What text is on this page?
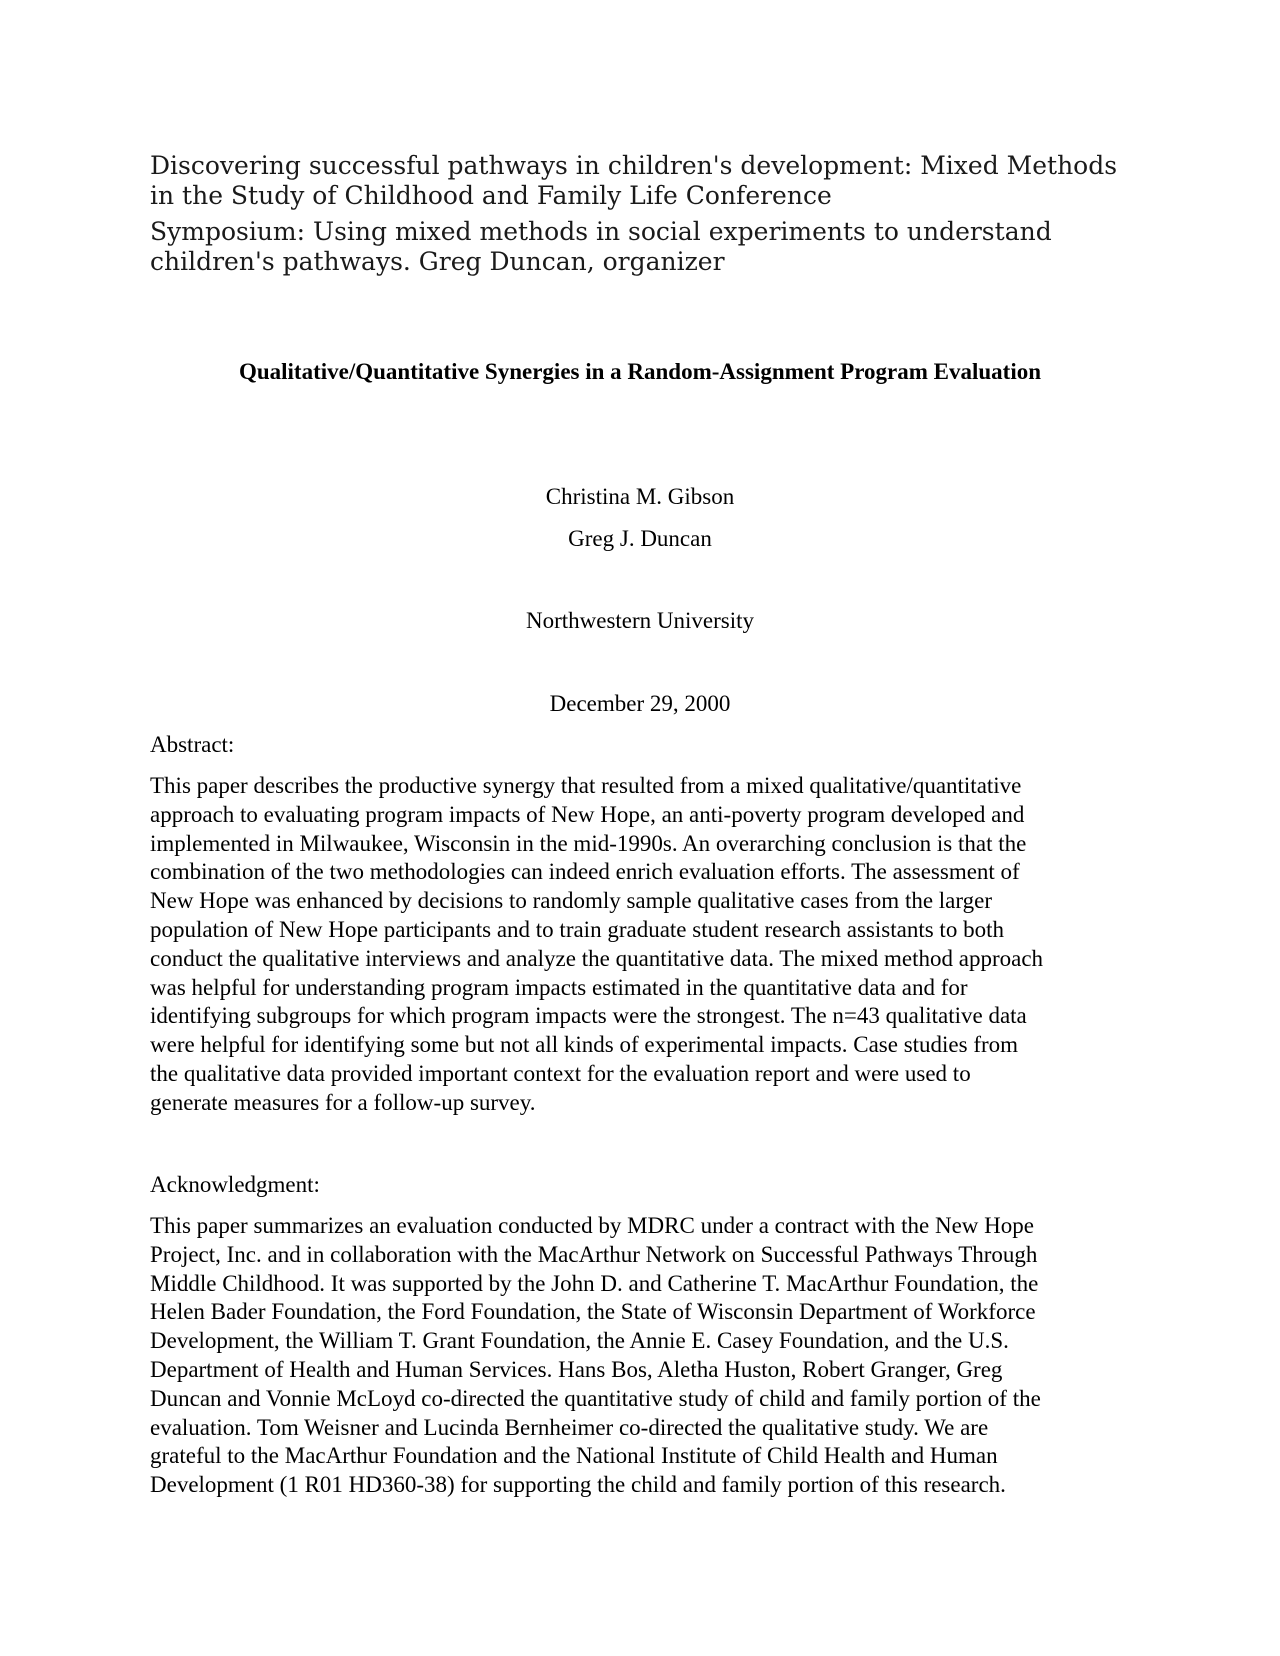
Discovering successful pathways in children's development: Mixed Methods
in the Study of Childhood and Family Life Conference

Symposium: Using mixed methods in social experiments to understand
children's pathways. Greg Duncan, organizer

Qualitative/Quantitative Synergies in a Random-Assignment Program Evaluation

Christina M. Gibson

Greg J. Duncan

Northwestern University

December 29, 2000

Abstract:

This paper describes the productive synergy that resulted from a mixed qualitative/quantitative
approach to evaluating program impacts of New Hope, an anti-poverty program developed and
implemented in Milwaukee, Wisconsin in the mid-1990s. An overarching conclusion is that the
combination of the two methodologies can indeed enrich evaluation efforts. The assessment of
New Hope was enhanced by decisions to randomly sample qualitative cases from the larger
population of New Hope participants and to train graduate student research assistants to both
conduct the qualitative interviews and analyze the quantitative data. The mixed method approach
was helpful for understanding program impacts estimated in the quantitative data and for
identifying subgroups for which program impacts were the strongest. The n=43 qualitative data
were helpful for identifying some but not all kinds of experimental impacts. Case studies from
the qualitative data provided important context for the evaluation report and were used to
generate measures for a follow-up survey.

Acknowledgment:

This paper summarizes an evaluation conducted by MDRC under a contract with the New Hope
Project, Inc. and in collaboration with the MacArthur Network on Successful Pathways Through
Middle Childhood. It was supported by the John D. and Catherine T. MacArthur Foundation, the
Helen Bader Foundation, the Ford Foundation, the State of Wisconsin Department of Workforce
Development, the William T. Grant Foundation, the Annie E. Casey Foundation, and the U.S.
Department of Health and Human Services. Hans Bos, Aletha Huston, Robert Granger, Greg
Duncan and Vonnie McLoyd co-directed the quantitative study of child and family portion of the
evaluation. Tom Weisner and Lucinda Bernheimer co-directed the qualitative study. We are
grateful to the MacArthur Foundation and the National Institute of Child Health and Human
Development (1 R01 HD360-38) for supporting the child and family portion of this research.
